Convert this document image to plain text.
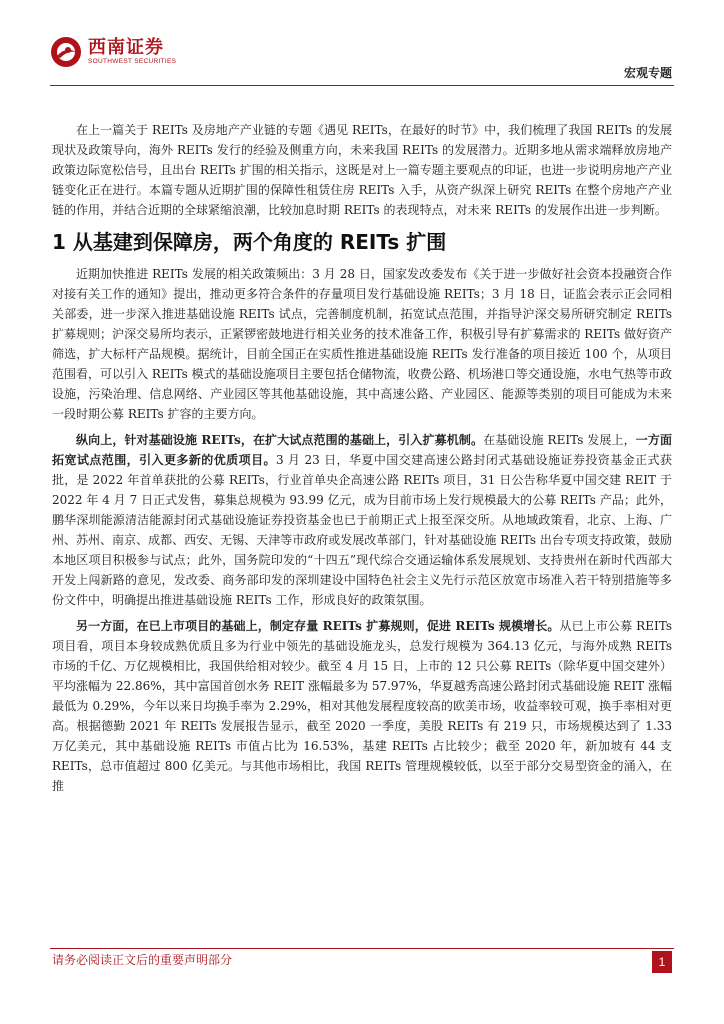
西南证券
SOUTHWEST SECURITIES
宏观专题

在上一篇关于 REITs 及房地产产业链的专题《遇见 REITs，在最好的时节》中，我们梳理了我国 REITs 的发展现状及政策导向，海外 REITs 发行的经验及侧重方向，未来我国 REITs 的发展潜力。近期多地从需求端释放房地产政策边际宽松信号，且出台 REITs 扩围的相关指示，这既是对上一篇专题主要观点的印证，也进一步说明房地产产业链变化正在进行。本篇专题从近期扩围的保障性租赁住房 REITs 入手，从资产纵深上研究 REITs 在整个房地产产业链的作用，并结合近期的全球紧缩浪潮，比较加息时期 REITs 的表现特点，对未来 REITs 的发展作出进一步判断。

1 从基建到保障房，两个角度的 REITs 扩围

近期加快推进 REITs 发展的相关政策频出：3 月 28 日，国家发改委发布《关于进一步做好社会资本投融资合作对接有关工作的通知》提出，推动更多符合条件的存量项目发行基础设施 REITs；3 月 18 日，证监会表示正会同相关部委，进一步深入推进基础设施 REITs 试点，完善制度机制，拓宽试点范围，并指导沪深交易所研究制定 REITs 扩募规则；沪深交易所均表示，正紧锣密鼓地进行相关业务的技术准备工作，积极引导有扩募需求的 REITs 做好资产筛选，扩大标杆产品规模。据统计，目前全国正在实质性推进基础设施 REITs 发行准备的项目接近 100 个，从项目范围看，可以引入 REITs 模式的基础设施项目主要包括仓储物流，收费公路、机场港口等交通设施，水电气热等市政设施，污染治理、信息网络、产业园区等其他基础设施，其中高速公路、产业园区、能源等类别的项目可能成为未来一段时期公募 REITs 扩容的主要方向。

纵向上，针对基础设施 REITs，在扩大试点范围的基础上，引入扩募机制。在基础设施 REITs 发展上，一方面拓宽试点范围，引入更多新的优质项目。3 月 23 日，华夏中国交建高速公路封闭式基础设施证券投资基金正式获批，是 2022 年首单获批的公募 REITs，行业首单央企高速公路 REITs 项目，31 日公告称华夏中国交建 REIT 于 2022 年 4 月 7 日正式发售，募集总规模为 93.99 亿元，成为目前市场上发行规模最大的公募 REITs 产品；此外，鹏华深圳能源清洁能源封闭式基础设施证券投资基金也已于前期正式上报至深交所。从地域政策看，北京、上海、广州、苏州、南京、成都、西安、无锡、天津等市政府或发展改革部门，针对基础设施 REITs 出台专项支持政策，鼓励本地区项目积极参与试点；此外，国务院印发的“十四五”现代综合交通运输体系发展规划、支持贵州在新时代西部大开发上闯新路的意见，发改委、商务部印发的深圳建设中国特色社会主义先行示范区放宽市场准入若干特别措施等多份文件中，明确提出推进基础设施 REITs 工作，形成良好的政策氛围。

另一方面，在已上市项目的基础上，制定存量 REITs 扩募规则，促进 REITs 规模增长。从已上市公募 REITs 项目看，项目本身较成熟优质且多为行业中领先的基础设施龙头，总发行规模为 364.13 亿元，与海外成熟 REITs 市场的千亿、万亿规模相比，我国供给相对较少。截至 4 月 15 日，上市的 12 只公募 REITs（除华夏中国交建外）平均涨幅为 22.86%，其中富国首创水务 REIT 涨幅最多为 57.97%，华夏越秀高速公路封闭式基础设施 REIT 涨幅最低为 0.29%，今年以来日均换手率为 2.29%，相对其他发展程度较高的欧美市场，收益率较可观，换手率相对更高。根据德勤 2021 年 REITs 发展报告显示，截至 2020 一季度，美股 REITs 有 219 只，市场规模达到了 1.33 万亿美元，其中基础设施 REITs 市值占比为 16.53%，基建 REITs 占比较少；截至 2020 年，新加坡有 44 支 REITs，总市值超过 800 亿美元。与其他市场相比，我国 REITs 管理规模较低，以至于部分交易型资金的涌入，在推

请务必阅读正文后的重要声明部分	1
